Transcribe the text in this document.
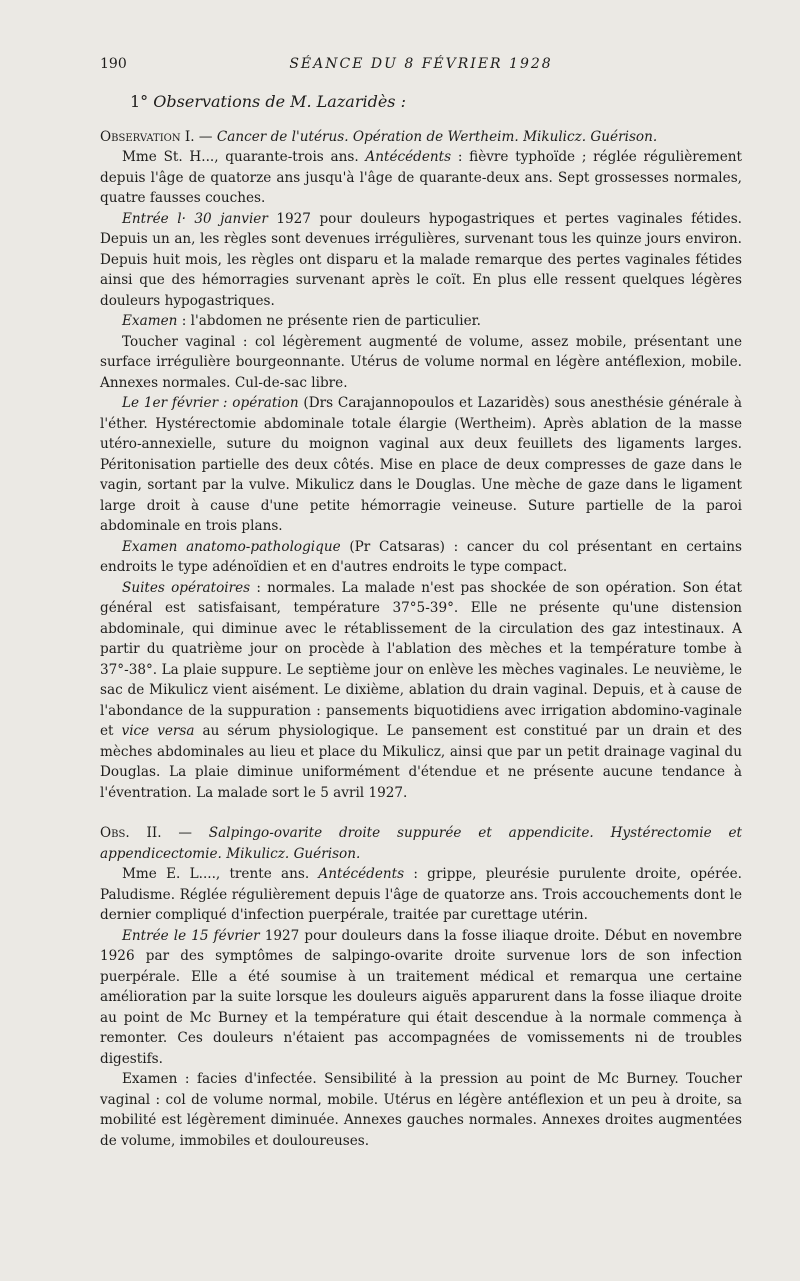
190	SÉANCE DU 8 FÉVRIER 1928
1° Observations de M. Lazaridès :

Observation I. — Cancer de l'utérus. Opération de Wertheim. Mikulicz. Guérison.

Mme St. H..., quarante-trois ans. Antécédents : fièvre typhoïde ; réglée régulièrement depuis l'âge de quatorze ans jusqu'à l'âge de quarante-deux ans. Sept grossesses normales, quatre fausses couches.

Entrée l· 30 janvier 1927 pour douleurs hypogastriques et pertes vaginales fétides. Depuis un an, les règles sont devenues irrégulières, survenant tous les quinze jours environ. Depuis huit mois, les règles ont disparu et la malade remarque des pertes vaginales fétides ainsi que des hémorragies survenant après le coït. En plus elle ressent quelques légères douleurs hypogastriques.

Examen : l'abdomen ne présente rien de particulier.

Toucher vaginal : col légèrement augmenté de volume, assez mobile, présentant une surface irrégulière bourgeonnante. Utérus de volume normal en légère antéflexion, mobile. Annexes normales. Cul-de-sac libre.

Le 1er février : opération (Drs Carajannopoulos et Lazaridès) sous anesthésie générale à l'éther. Hystérectomie abdominale totale élargie (Wertheim). Après ablation de la masse utéro-annexielle, suture du moignon vaginal aux deux feuillets des ligaments larges. Péritonisation partielle des deux côtés. Mise en place de deux compresses de gaze dans le vagin, sortant par la vulve. Mikulicz dans le Douglas. Une mèche de gaze dans le ligament large droit à cause d'une petite hémorragie veineuse. Suture partielle de la paroi abdominale en trois plans.

Examen anatomo-pathologique (Pr Catsaras) : cancer du col présentant en certains endroits le type adénoïdien et en d'autres endroits le type compact.

Suites opératoires : normales. La malade n'est pas shockée de son opération. Son état général est satisfaisant, température 37°5-39°. Elle ne présente qu'une distension abdominale, qui diminue avec le rétablissement de la circulation des gaz intestinaux. A partir du quatrième jour on procède à l'ablation des mèches et la température tombe à 37°-38°. La plaie suppure. Le septième jour on enlève les mèches vaginales. Le neuvième, le sac de Mikulicz vient aisément. Le dixième, ablation du drain vaginal. Depuis, et à cause de l'abondance de la suppuration : pansements biquotidiens avec irrigation abdomino-vaginale et vice versa au sérum physiologique. Le pansement est constitué par un drain et des mèches abdominales au lieu et place du Mikulicz, ainsi que par un petit drainage vaginal du Douglas. La plaie diminue uniformément d'étendue et ne présente aucune tendance à l'éventration. La malade sort le 5 avril 1927.

Obs. II. — Salpingo-ovarite droite suppurée et appendicite. Hystérectomie et appendicectomie. Mikulicz. Guérison.

Mme E. L...., trente ans. Antécédents : grippe, pleurésie purulente droite, opérée. Paludisme. Réglée régulièrement depuis l'âge de quatorze ans. Trois accouchements dont le dernier compliqué d'infection puerpérale, traitée par curettage utérin.

Entrée le 15 février 1927 pour douleurs dans la fosse iliaque droite. Début en novembre 1926 par des symptômes de salpingo-ovarite droite survenue lors de son infection puerpérale. Elle a été soumise à un traitement médical et remarqua une certaine amélioration par la suite lorsque les douleurs aiguës apparurent dans la fosse iliaque droite au point de Mc Burney et la température qui était descendue à la normale commença à remonter. Ces douleurs n'étaient pas accompagnées de vomissements ni de troubles digestifs.

Examen : facies d'infectée. Sensibilité à la pression au point de Mc Burney. Toucher vaginal : col de volume normal, mobile. Utérus en légère antéflexion et un peu à droite, sa mobilité est légèrement diminuée. Annexes gauches normales. Annexes droites augmentées de volume, immobiles et douloureuses.
